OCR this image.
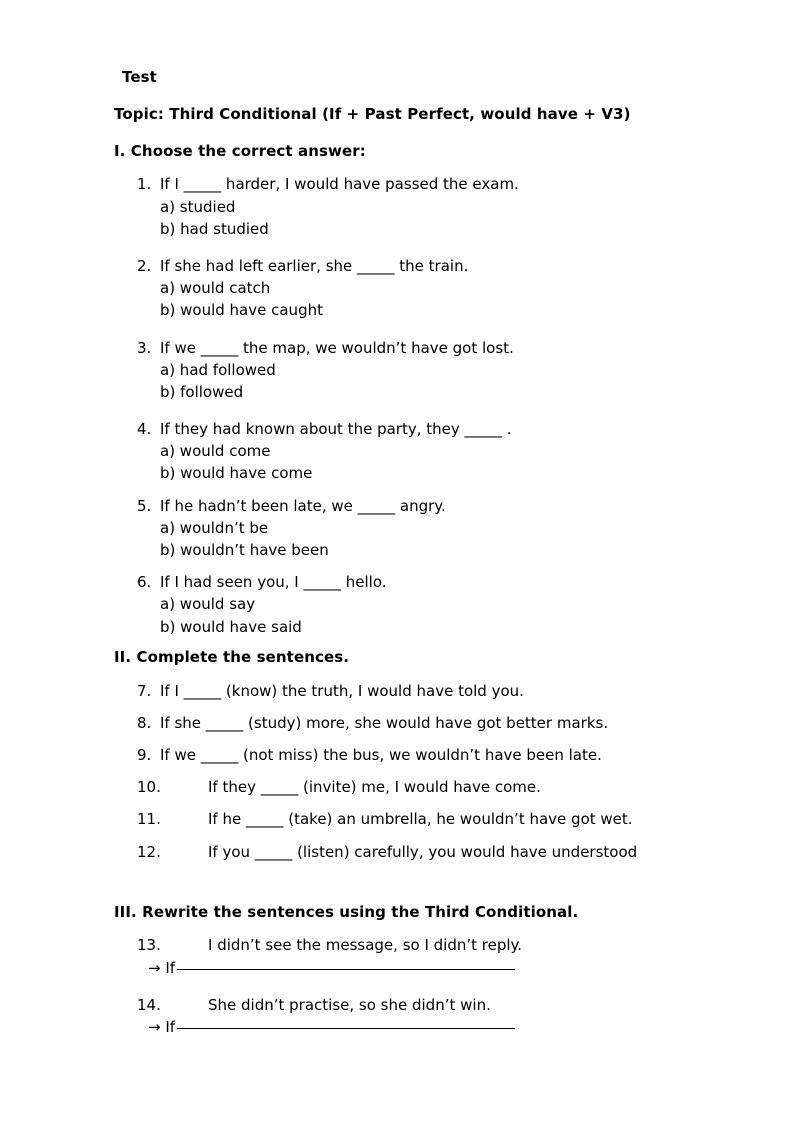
Test
Topic: Third Conditional (If + Past Perfect, would have + V3)
I. Choose the correct answer:
1. If I _____ harder, I would have passed the exam.
a) studied
b) had studied
2. If she had left earlier, she _____ the train.
a) would catch
b) would have caught
3. If we _____ the map, we wouldn’t have got lost.
a) had followed
b) followed
4. If they had known about the party, they _____ .
a) would come
b) would have come
5. If he hadn’t been late, we _____ angry.
a) wouldn’t be
b) wouldn’t have been
6. If I had seen you, I _____ hello.
a) would say
b) would have said
II. Complete the sentences.
7. If I _____ (know) the truth, I would have told you.
8. If she _____ (study) more, she would have got better marks.
9. If we _____ (not miss) the bus, we wouldn’t have been late.
10.	If they _____ (invite) me, I would have come.
11.	If he _____ (take) an umbrella, he wouldn’t have got wet.
12.	If you _____ (listen) carefully, you would have understood
III. Rewrite the sentences using the Third Conditional.
13.	I didn’t see the message, so I didn’t reply.
→ If
14.	She didn’t practise, so she didn’t win.
→ If
